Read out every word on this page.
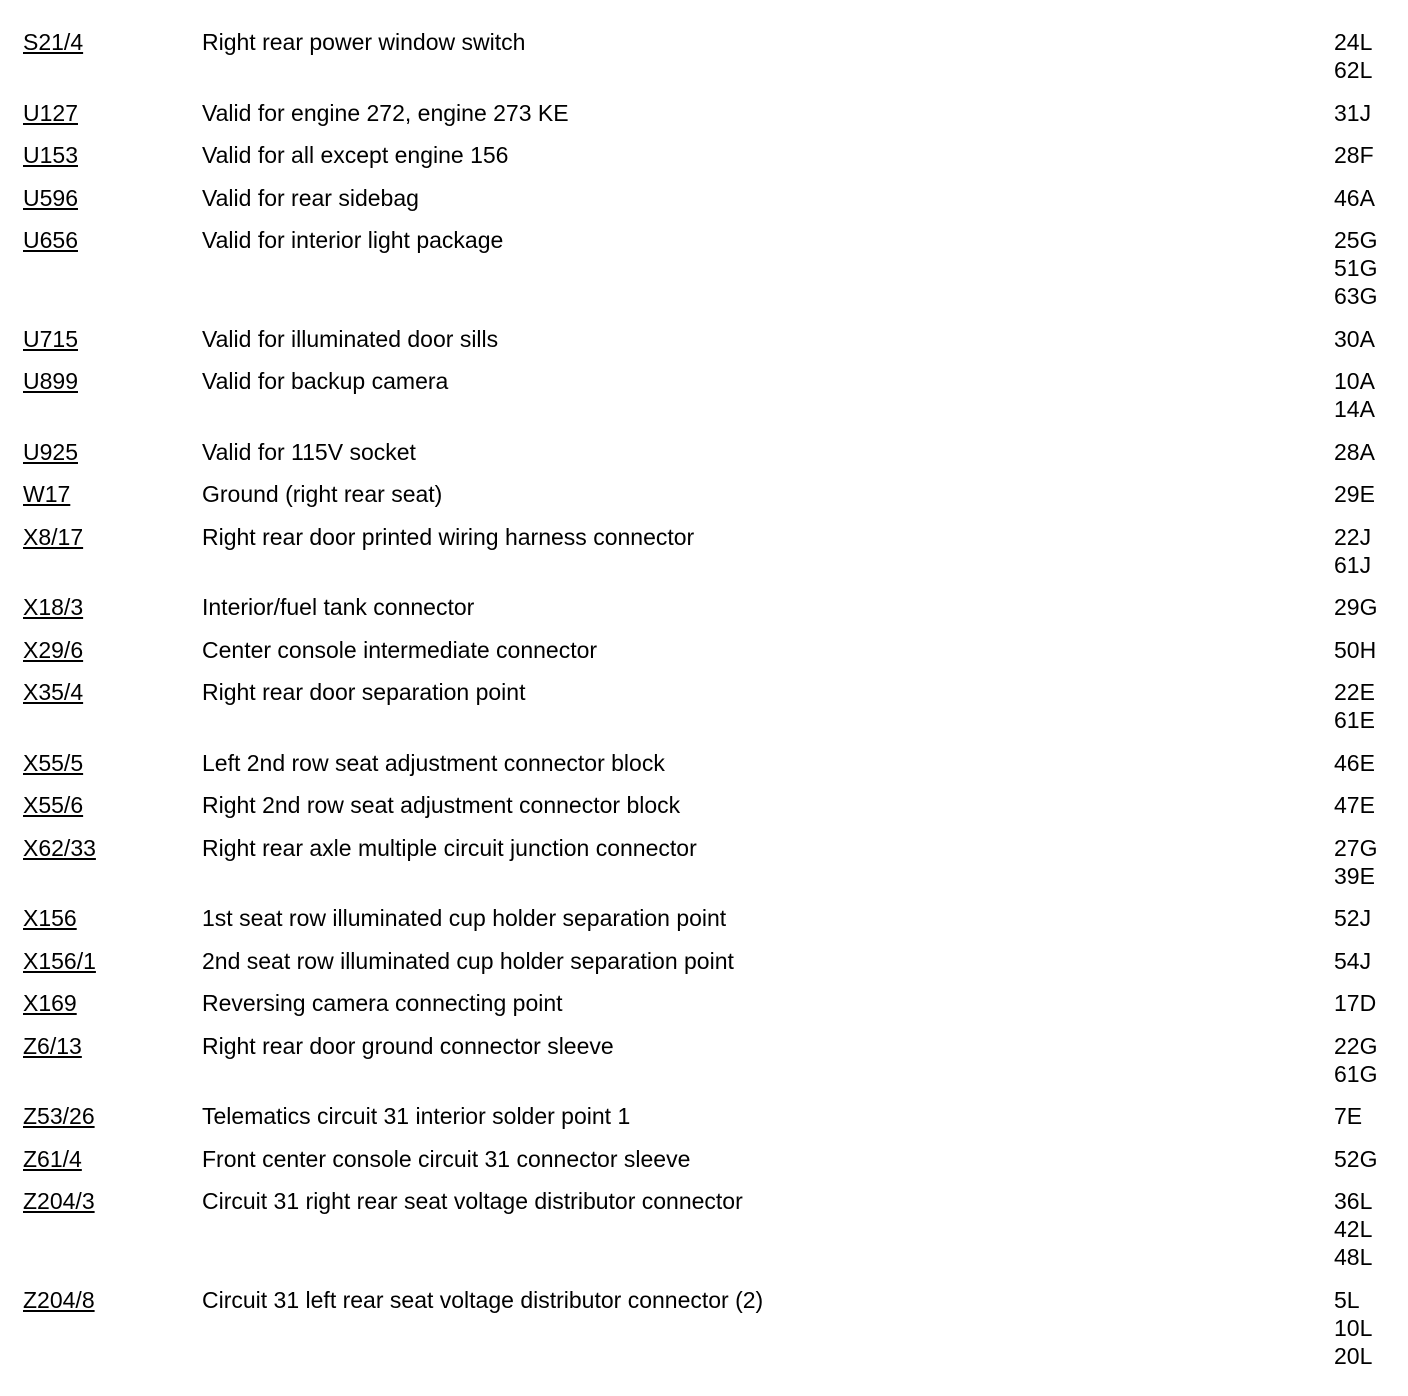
S21/4	Right rear power window switch	24L
62L
U127	Valid for engine 272, engine 273 KE	31J
U153	Valid for all except engine 156	28F
U596	Valid for rear sidebag	46A
U656	Valid for interior light package	25G
51G
63G
U715	Valid for illuminated door sills	30A
U899	Valid for backup camera	10A
14A
U925	Valid for 115V socket	28A
W17	Ground (right rear seat)	29E
X8/17	Right rear door printed wiring harness connector	22J
61J
X18/3	Interior/fuel tank connector	29G
X29/6	Center console intermediate connector	50H
X35/4	Right rear door separation point	22E
61E
X55/5	Left 2nd row seat adjustment connector block	46E
X55/6	Right 2nd row seat adjustment connector block	47E
X62/33	Right rear axle multiple circuit junction connector	27G
39E
X156	1st seat row illuminated cup holder separation point	52J
X156/1	2nd seat row illuminated cup holder separation point	54J
X169	Reversing camera connecting point	17D
Z6/13	Right rear door ground connector sleeve	22G
61G
Z53/26	Telematics circuit 31 interior solder point 1	7E
Z61/4	Front center console circuit 31 connector sleeve	52G
Z204/3	Circuit 31 right rear seat voltage distributor connector	36L
42L
48L
Z204/8	Circuit 31 left rear seat voltage distributor connector (2)	5L
10L
20L
